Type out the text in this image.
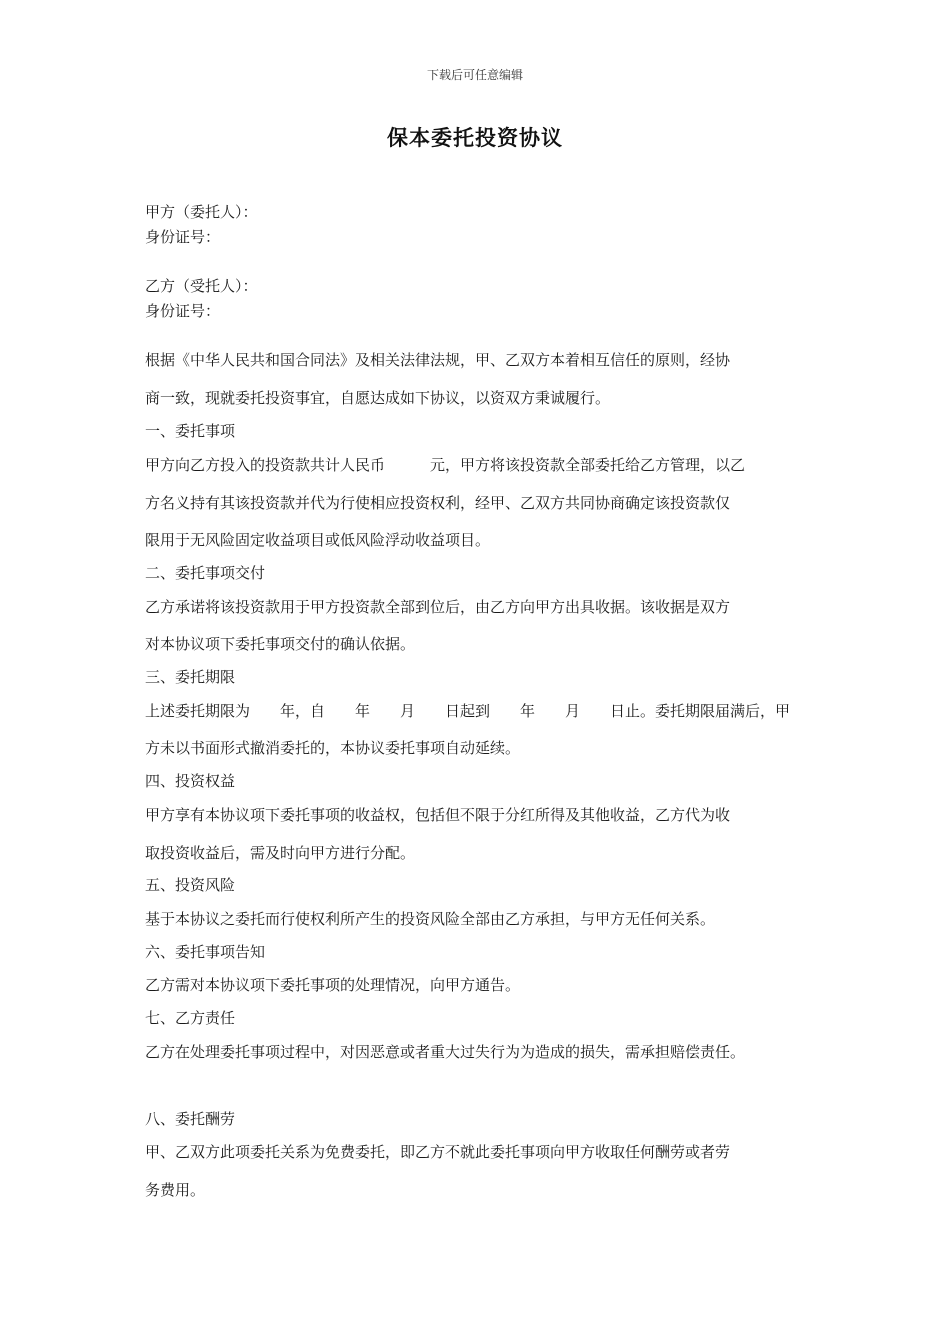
下载后可任意编辑
保本委托投资协议
甲方（委托人）：
身份证号：
乙方（受托人）：
身份证号：
根据《中华人民共和国合同法》及相关法律法规，甲、乙双方本着相互信任的原则，经协
商一致，现就委托投资事宜，自愿达成如下协议，以资双方秉诚履行。
一、委托事项
甲方向乙方投入的投资款共计人民币　　　元，甲方将该投资款全部委托给乙方管理，以乙
方名义持有其该投资款并代为行使相应投资权利，经甲、乙双方共同协商确定该投资款仅
限用于无风险固定收益项目或低风险浮动收益项目。
二、委托事项交付
乙方承诺将该投资款用于甲方投资款全部到位后，由乙方向甲方出具收据。该收据是双方
对本协议项下委托事项交付的确认依据。
三、委托期限
上述委托期限为　　年，自　　年　　月　　日起到　　年　　月　　日止。委托期限届满后，甲
方未以书面形式撤消委托的，本协议委托事项自动延续。
四、投资权益
甲方享有本协议项下委托事项的收益权，包括但不限于分红所得及其他收益，乙方代为收
取投资收益后，需及时向甲方进行分配。
五、投资风险
基于本协议之委托而行使权利所产生的投资风险全部由乙方承担，与甲方无任何关系。
六、委托事项告知
乙方需对本协议项下委托事项的处理情况，向甲方通告。
七、乙方责任
乙方在处理委托事项过程中，对因恶意或者重大过失行为为造成的损失，需承担赔偿责任。
八、委托酬劳
甲、乙双方此项委托关系为免费委托，即乙方不就此委托事项向甲方收取任何酬劳或者劳
务费用。
